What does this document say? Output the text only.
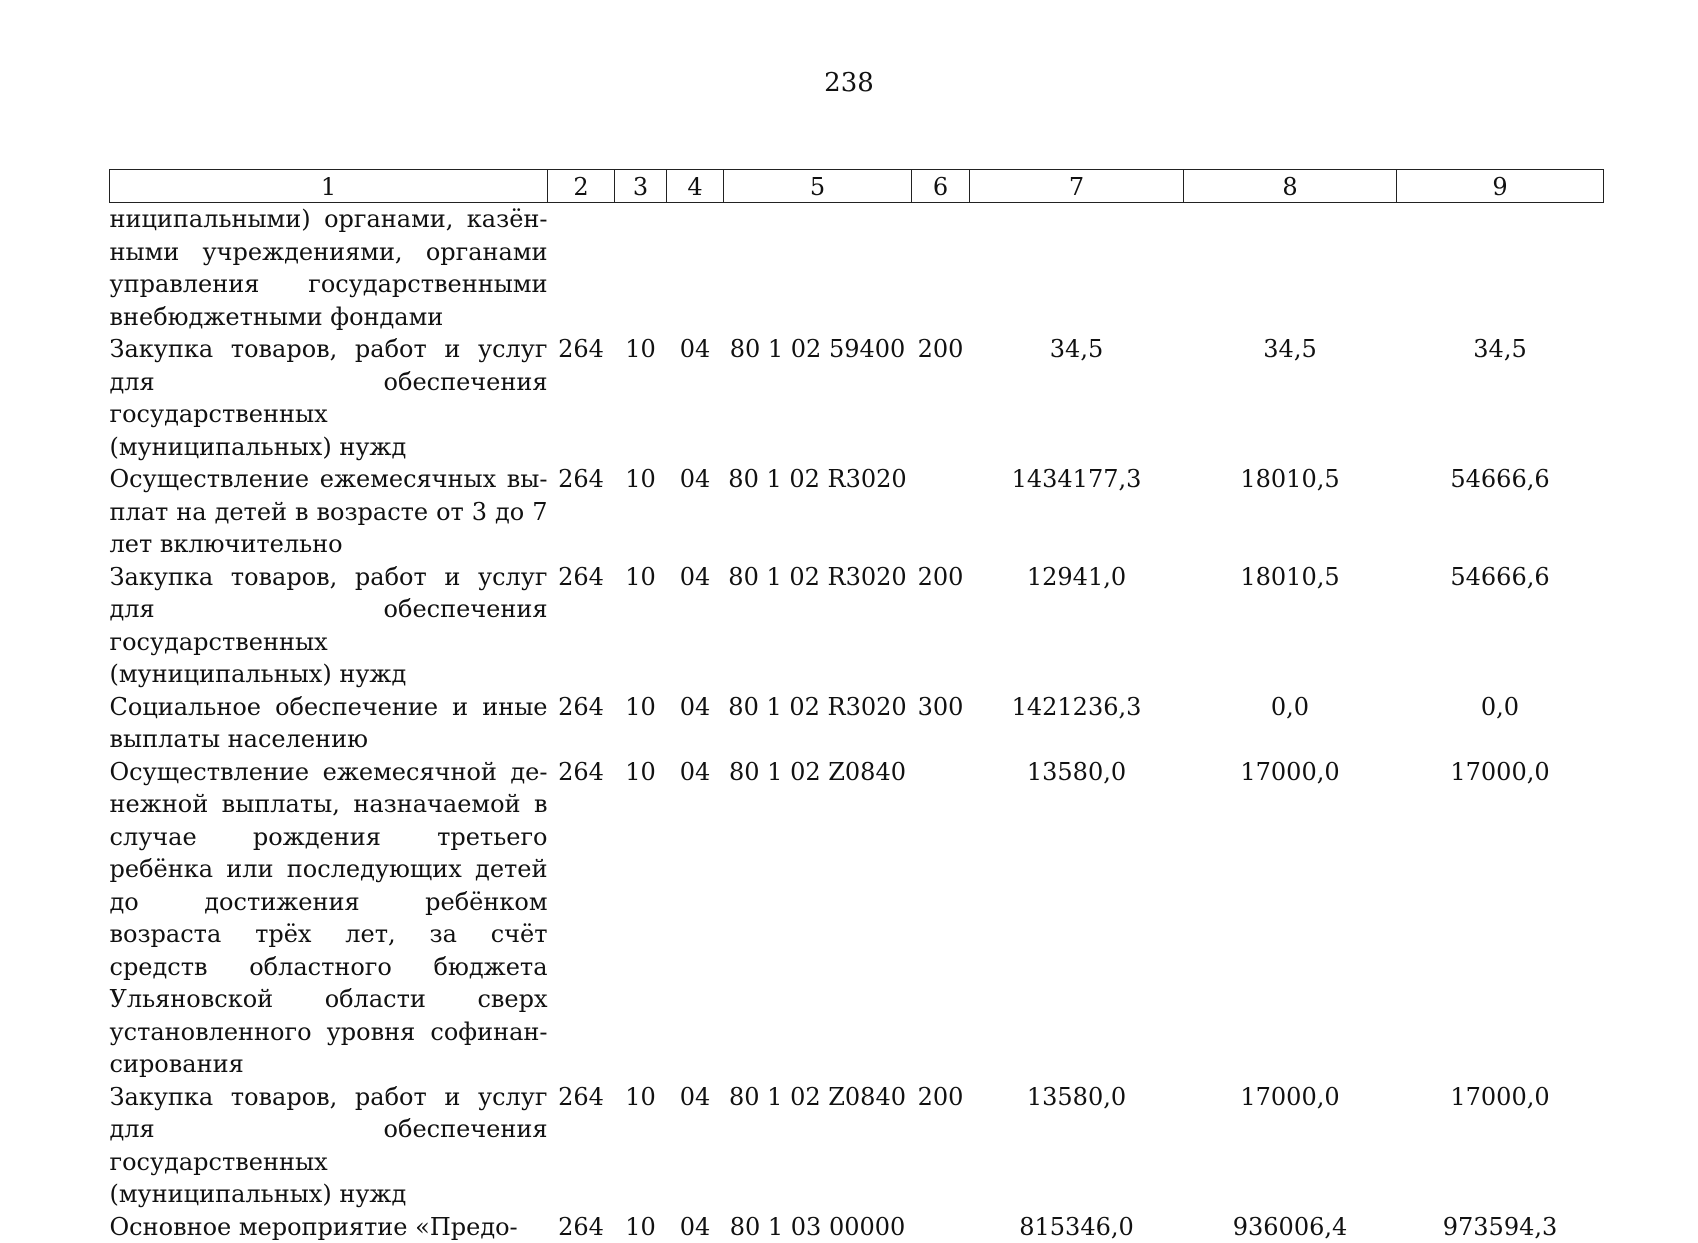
238
1	2	3	4	5	6	7	8	9
ниципальными) органами, казёнными учреждениями, органами управления государственными внебюджетными фондами								
Закупка товаров, работ и услуг для обеспечения государственных (муниципальных) нужд	264	10	04	80 1 02 59400	200	34,5	34,5	34,5
Осуществление ежемесячных выплат на детей в возрасте от 3 до 7 лет включительно	264	10	04	80 1 02 R3020		1434177,3	18010,5	54666,6
Закупка товаров, работ и услуг для обеспечения государственных (муниципальных) нужд	264	10	04	80 1 02 R3020	200	12941,0	18010,5	54666,6
Социальное обеспечение и иные выплаты населению	264	10	04	80 1 02 R3020	300	1421236,3	0,0	0,0
Осуществление ежемесячной денежной выплаты, назначаемой в случае рождения третьего ребёнка или последующих детей до достижения ребёнком возраста трёх лет, за счёт средств областного бюджета Ульяновской области сверх установленного уровня софинансирования	264	10	04	80 1 02 Z0840		13580,0	17000,0	17000,0
Закупка товаров, работ и услуг для обеспечения государственных (муниципальных) нужд	264	10	04	80 1 02 Z0840	200	13580,0	17000,0	17000,0
Основное мероприятие «Предо-	264	10	04	80 1 03 00000		815346,0	936006,4	973594,3
